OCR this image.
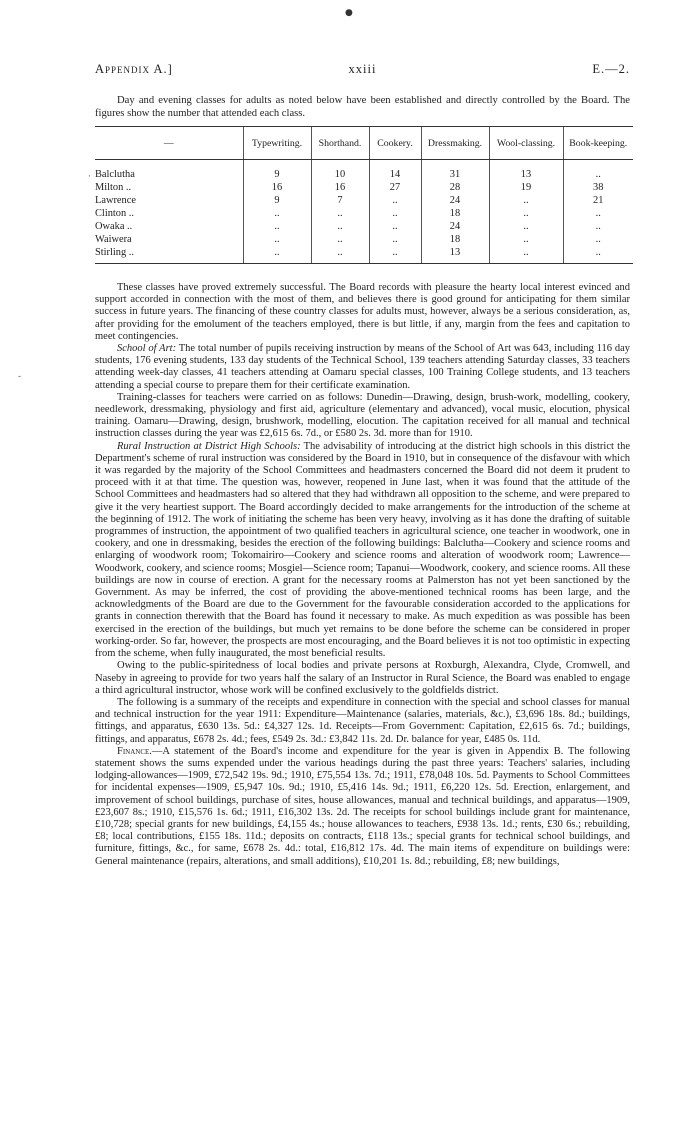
●
·
-
Appendix A.]	xxiii	E.—2.
Day and evening classes for adults as noted below have been established and directly controlled by the Board. The figures show the number that attended each class.
—	Typewriting.	Shorthand.	Cookery.	Dressmaking.	Wool-classing.	Book-keeping.

Balclutha	9	10	14	31	13	..
Milton ..	16	16	27	28	19	38
Lawrence	9	7	..	24	..	21
Clinton ..	..	..	..	18	..	..
Owaka ..	..	..	..	24	..	..
Waiwera	..	..	..	18	..	..
Stirling ..	..	..	..	13	..	..

These classes have proved extremely successful. The Board records with pleasure the hearty local interest evinced and support accorded in connection with the most of them, and believes there is good ground for anticipating for them similar success in future years. The financing of these country classes for adults must, however, always be a serious consideration, as, after providing for the emolument of the teachers employed, there is but little, if any, margin from the fees and capitation to meet contingencies.

School of Art: The total number of pupils receiving instruction by means of the School of Art was 643, including 116 day students, 176 evening students, 133 day students of the Technical School, 139 teachers attending Saturday classes, 33 teachers attending week-day classes, 41 teachers attending at Oamaru special classes, 100 Training College students, and 13 teachers attending a special course to prepare them for their certificate examination.

Training-classes for teachers were carried on as follows: Dunedin—Drawing, design, brush-work, modelling, cookery, needlework, dressmaking, physiology and first aid, agriculture (elementary and advanced), vocal music, elocution, physical training. Oamaru—Drawing, design, brushwork, modelling, elocution. The capitation received for all manual and technical instruction classes during the year was £2,615 6s. 7d., or £580 2s. 3d. more than for 1910.

Rural Instruction at District High Schools: The advisability of introducing at the district high schools in this district the Department's scheme of rural instruction was considered by the Board in 1910, but in consequence of the disfavour with which it was regarded by the majority of the School Committees and headmasters concerned the Board did not deem it prudent to proceed with it at that time. The question was, however, reopened in June last, when it was found that the attitude of the School Committees and headmasters had so altered that they had withdrawn all opposition to the scheme, and were prepared to give it the very heartiest support. The Board accordingly decided to make arrangements for the introduction of the scheme at the beginning of 1912. The work of initiating the scheme has been very heavy, involving as it has done the drafting of suitable programmes of instruction, the appointment of two qualified teachers in agricultural science, one teacher in woodwork, one in cookery, and one in dressmaking, besides the erection of the following buildings: Balclutha—Cookery and science rooms and enlarging of woodwork room; Tokomairiro—Cookery and science rooms and alteration of woodwork room; Lawrence—Woodwork, cookery, and science rooms; Mosgiel—Science room; Tapanui—Woodwork, cookery, and science rooms. All these buildings are now in course of erection. A grant for the necessary rooms at Palmerston has not yet been sanctioned by the Government. As may be inferred, the cost of providing the above-mentioned technical rooms has been large, and the acknowledgments of the Board are due to the Government for the favourable consideration accorded to the applications for grants in connection therewith that the Board has found it necessary to make. As much expedition as was possible has been exercised in the erection of the buildings, but much yet remains to be done before the scheme can be considered in proper working-order. So far, however, the prospects are most encouraging, and the Board believes it is not too optimistic in expecting from the scheme, when fully inaugurated, the most beneficial results.

Owing to the public-spiritedness of local bodies and private persons at Roxburgh, Alexandra, Clyde, Cromwell, and Naseby in agreeing to provide for two years half the salary of an Instructor in Rural Science, the Board was enabled to engage a third agricultural instructor, whose work will be confined exclusively to the goldfields district.

The following is a summary of the receipts and expenditure in connection with the special and school classes for manual and technical instruction for the year 1911: Expenditure—Maintenance (salaries, materials, &c.), £3,696 18s. 8d.; buildings, fittings, and apparatus, £630 13s. 5d.: £4,327 12s. 1d. Receipts—From Government: Capitation, £2,615 6s. 7d.; buildings, fittings, and apparatus, £678 2s. 4d.; fees, £549 2s. 3d.: £3,842 11s. 2d. Dr. balance for year, £485 0s. 11d.

Finance.—A statement of the Board's income and expenditure for the year is given in Appendix B. The following statement shows the sums expended under the various headings during the past three years: Teachers' salaries, including lodging-allowances—1909, £72,542 19s. 9d.; 1910, £75,554 13s. 7d.; 1911, £78,048 10s. 5d. Payments to School Committees for incidental expenses—1909, £5,947 10s. 9d.; 1910, £5,416 14s. 9d.; 1911, £6,220 12s. 5d. Erection, enlargement, and improvement of school buildings, purchase of sites, house allowances, manual and technical buildings, and apparatus—1909, £23,607 8s.; 1910, £15,576 1s. 6d.; 1911, £16,302 13s. 2d. The receipts for school buildings include grant for maintenance, £10,728; special grants for new buildings, £4,155 4s.; house allowances to teachers, £938 13s. 1d.; rents, £30 6s.; rebuilding, £8; local contributions, £155 18s. 11d.; deposits on contracts, £118 13s.; special grants for technical school buildings, and furniture, fittings, &c., for same, £678 2s. 4d.: total, £16,812 17s. 4d. The main items of expenditure on buildings were: General maintenance (repairs, alterations, and small additions), £10,201 1s. 8d.; rebuilding, £8; new buildings,
